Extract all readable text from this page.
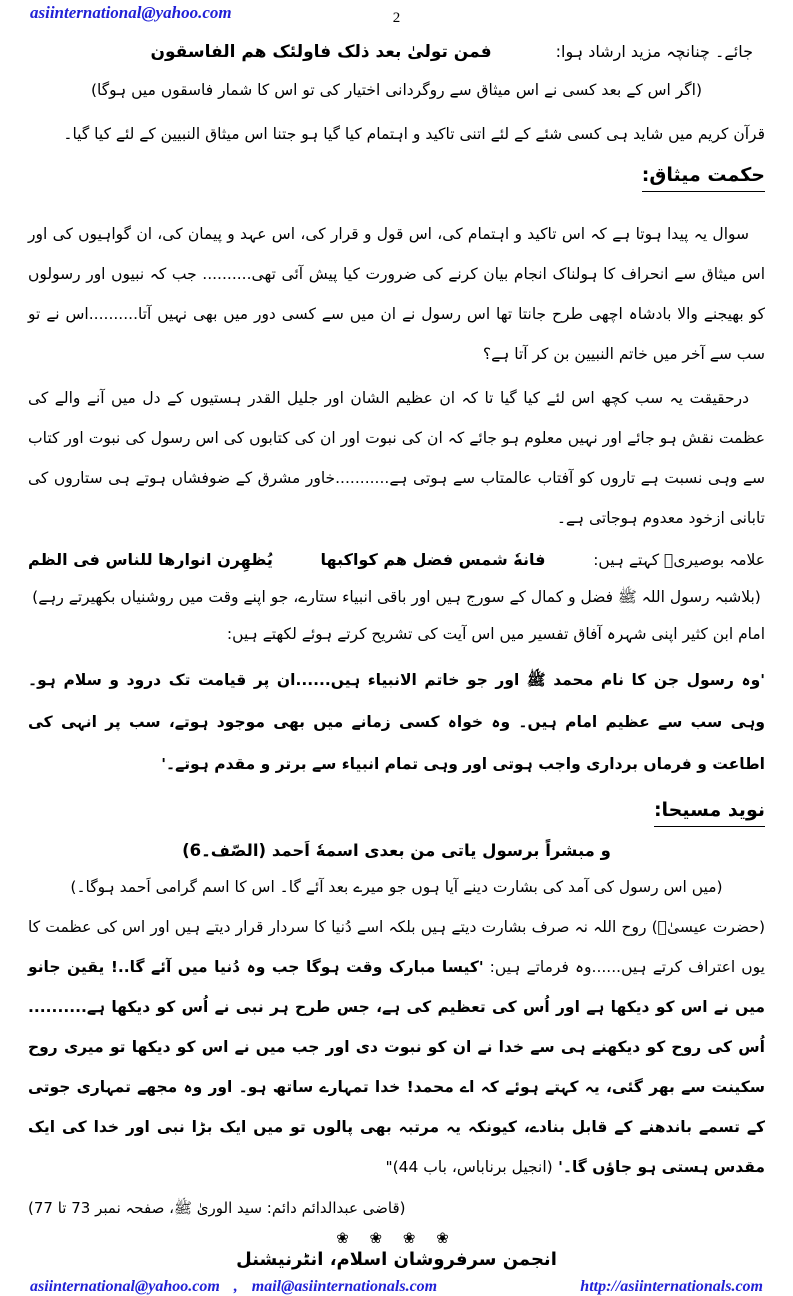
asiinternational@yahoo.com	2
جائے۔ چنانچہ مزید ارشاد ہوا:
فمن تولیٰ بعد ذلک فاولئک هم الفاسقون
(اگر اس کے بعد کسی نے اس میثاق سے روگردانی اختیار کی تو اس کا شمار فاسقوں میں ہوگا)
قرآن کریم میں شاید ہی کسی شئے کے لئے اتنی تاکید و اہتمام کیا گیا ہو جتنا اس میثاق النبیین کے لئے کیا گیا۔
حکمت میثاق:
سوال یہ پیدا ہوتا ہے کہ اس تاکید و اہتمام کی، اس قول و قرار کی، اس عہد و پیمان کی، ان گواہیوں کی اور اس میثاق سے انحراف کا ہولناک انجام بیان کرنے کی ضرورت کیا پیش آئی تھی.......... جب کہ نبیوں اور رسولوں کو بھیجنے والا بادشاہ اچھی طرح جانتا تھا اس رسول نے ان میں سے کسی دور میں بھی نہیں آتا..........اس نے تو سب سے آخر میں خاتم النبیین بن کر آتا ہے؟
درحقیقت یہ سب کچھ اس لئے کیا گیا تا کہ ان عظیم الشان اور جلیل القدر ہستیوں کے دل میں آنے والے کی عظمت نقش ہو جائے اور نہیں معلوم ہو جائے کہ ان کی نبوت اور ان کی کتابوں کی اس رسول کی نبوت اور کتاب سے وہی نسبت ہے تاروں کو آفتاب عالمتاب سے ہوتی ہے...........خاور مشرق کے ضوفشاں ہوتے ہی ستاروں کی تابانی ازخود معدوم ہوجاتی ہے۔
علامہ بوصیریؒ کہتے ہیں:
فانهٗ شمس فضل هم کواکبها
یُظهِرن انوارها للناس فی الظم
(بلاشبہ رسول اللہ ﷺ فضل و کمال کے سورج ہیں اور باقی انبیاء ستارے، جو اپنے وقت میں روشنیاں بکھیرتے رہے)
امام ابن کثیر اپنی شہرہ آفاق تفسیر میں اس آیت کی تشریح کرتے ہوئے لکھتے ہیں:
'وہ رسول جن کا نام محمد ﷺ اور جو خاتم الانبیاء ہیں......ان پر قیامت تک درود و سلام ہو۔ وہی سب سے عظیم امام ہیں۔ وہ خواہ کسی زمانے میں بھی موجود ہوتے، سب پر انہی کی اطاعت و فرماں برداری واجب ہوتی اور وہی تمام انبیاء سے برتر و مقدم ہوتے۔'
نوید مسیحا:
و مبشراً برسول یاتی من بعدی اسمهٗ اَحمد (الصّف۔6)
(میں اس رسول کی آمد کی بشارت دینے آیا ہوں جو میرے بعد آئے گا۔ اس کا اسم گرامی اَحمد ہوگا۔)
(حضرت عیسیٰؑ) روح اللہ نہ صرف بشارت دیتے ہیں بلکہ اسے دُنیا کا سردار قرار دیتے ہیں اور اس کی عظمت کا یوں اعتراف کرتے ہیں......وہ فرماتے ہیں: 'کیسا مبارک وقت ہوگا جب وہ دُنیا میں آئے گا..! یقین جانو میں نے اس کو دیکھا ہے اور اُس کی تعظیم کی ہے، جس طرح ہر نبی نے اُس کو دیکھا ہے.......... اُس کی روح کو دیکھنے ہی سے خدا نے ان کو نبوت دی اور جب میں نے اس کو دیکھا تو میری روح سکینت سے بھر گئی، یہ کہتے ہوئے کہ اے محمد! خدا تمہارے ساتھ ہو۔ اور وہ مجھے تمہاری جوتی کے تسمے باندھنے کے قابل بنادے، کیونکہ یہ مرتبہ بھی پالوں تو میں ایک بڑا نبی اور خدا کی ایک مقدس ہستی ہو جاؤں گا۔' (انجیل برناباس، باب 44)"
(قاضی عبدالدائم دائم: سید الوریٰ ﷺ، صفحہ نمبر 73 تا 77)
❀ ❀ ❀ ❀
انجمن سرفروشان اسلام، انٹرنیشنل
asiinternational@yahoo.com , mail@asiinternationals.com	http://asiinternationals.com
